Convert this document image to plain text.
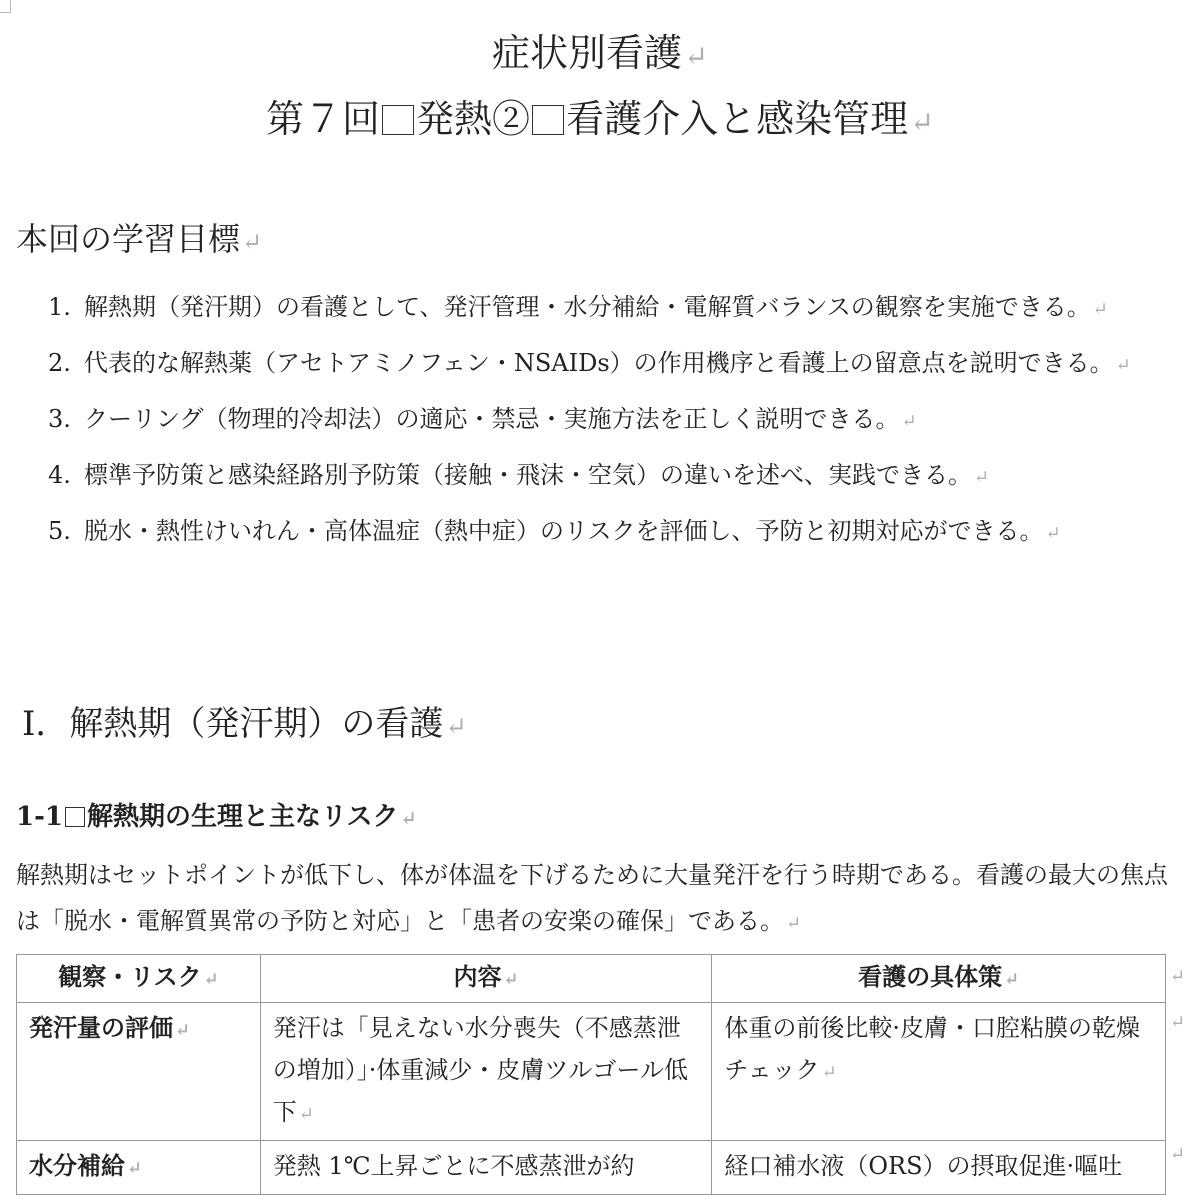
症状別看護↵
第７回 発熱② 看護介入と感染管理↵
本回の学習目標↵
1. 解熱期（発汗期）の看護として、発汗管理・水分補給・電解質バランスの観察を実施できる。 ↵
2. 代表的な解熱薬（アセトアミノフェン・NSAIDs）の作用機序と看護上の留意点を説明できる。 ↵
3. クーリング（物理的冷却法）の適応・禁忌・実施方法を正しく説明できる。 ↵
4. 標準予防策と感染経路別予防策（接触・飛沫・空気）の違いを述べ、実践できる。 ↵
5. 脱水・熱性けいれん・高体温症（熱中症）のリスクを評価し、予防と初期対応ができる。 ↵
Ⅰ．解熱期（発汗期）の看護↵
1-1 解熱期の生理と主なリスク ↵
解熱期はセットポイントが低下し、体が体温を下げるために大量発汗を行う時期である。看護の最大の焦点は「脱水・電解質異常の予防と対応」と「患者の安楽の確保」である。 ↵
観察・リスク ↵	内容 ↵	看護の具体策 ↵
発汗量の評価 ↵	発汗は「見えない水分喪失（不感蒸泄の増加）」·体重減少・皮膚ツルゴール低下 ↵	体重の前後比較·皮膚・口腔粘膜の乾燥チェック ↵
水分補給 ↵	発熱 1℃上昇ごとに不感蒸泄が約	経口補水液（ORS）の摂取促進·嘔吐
↵
↵
↵
